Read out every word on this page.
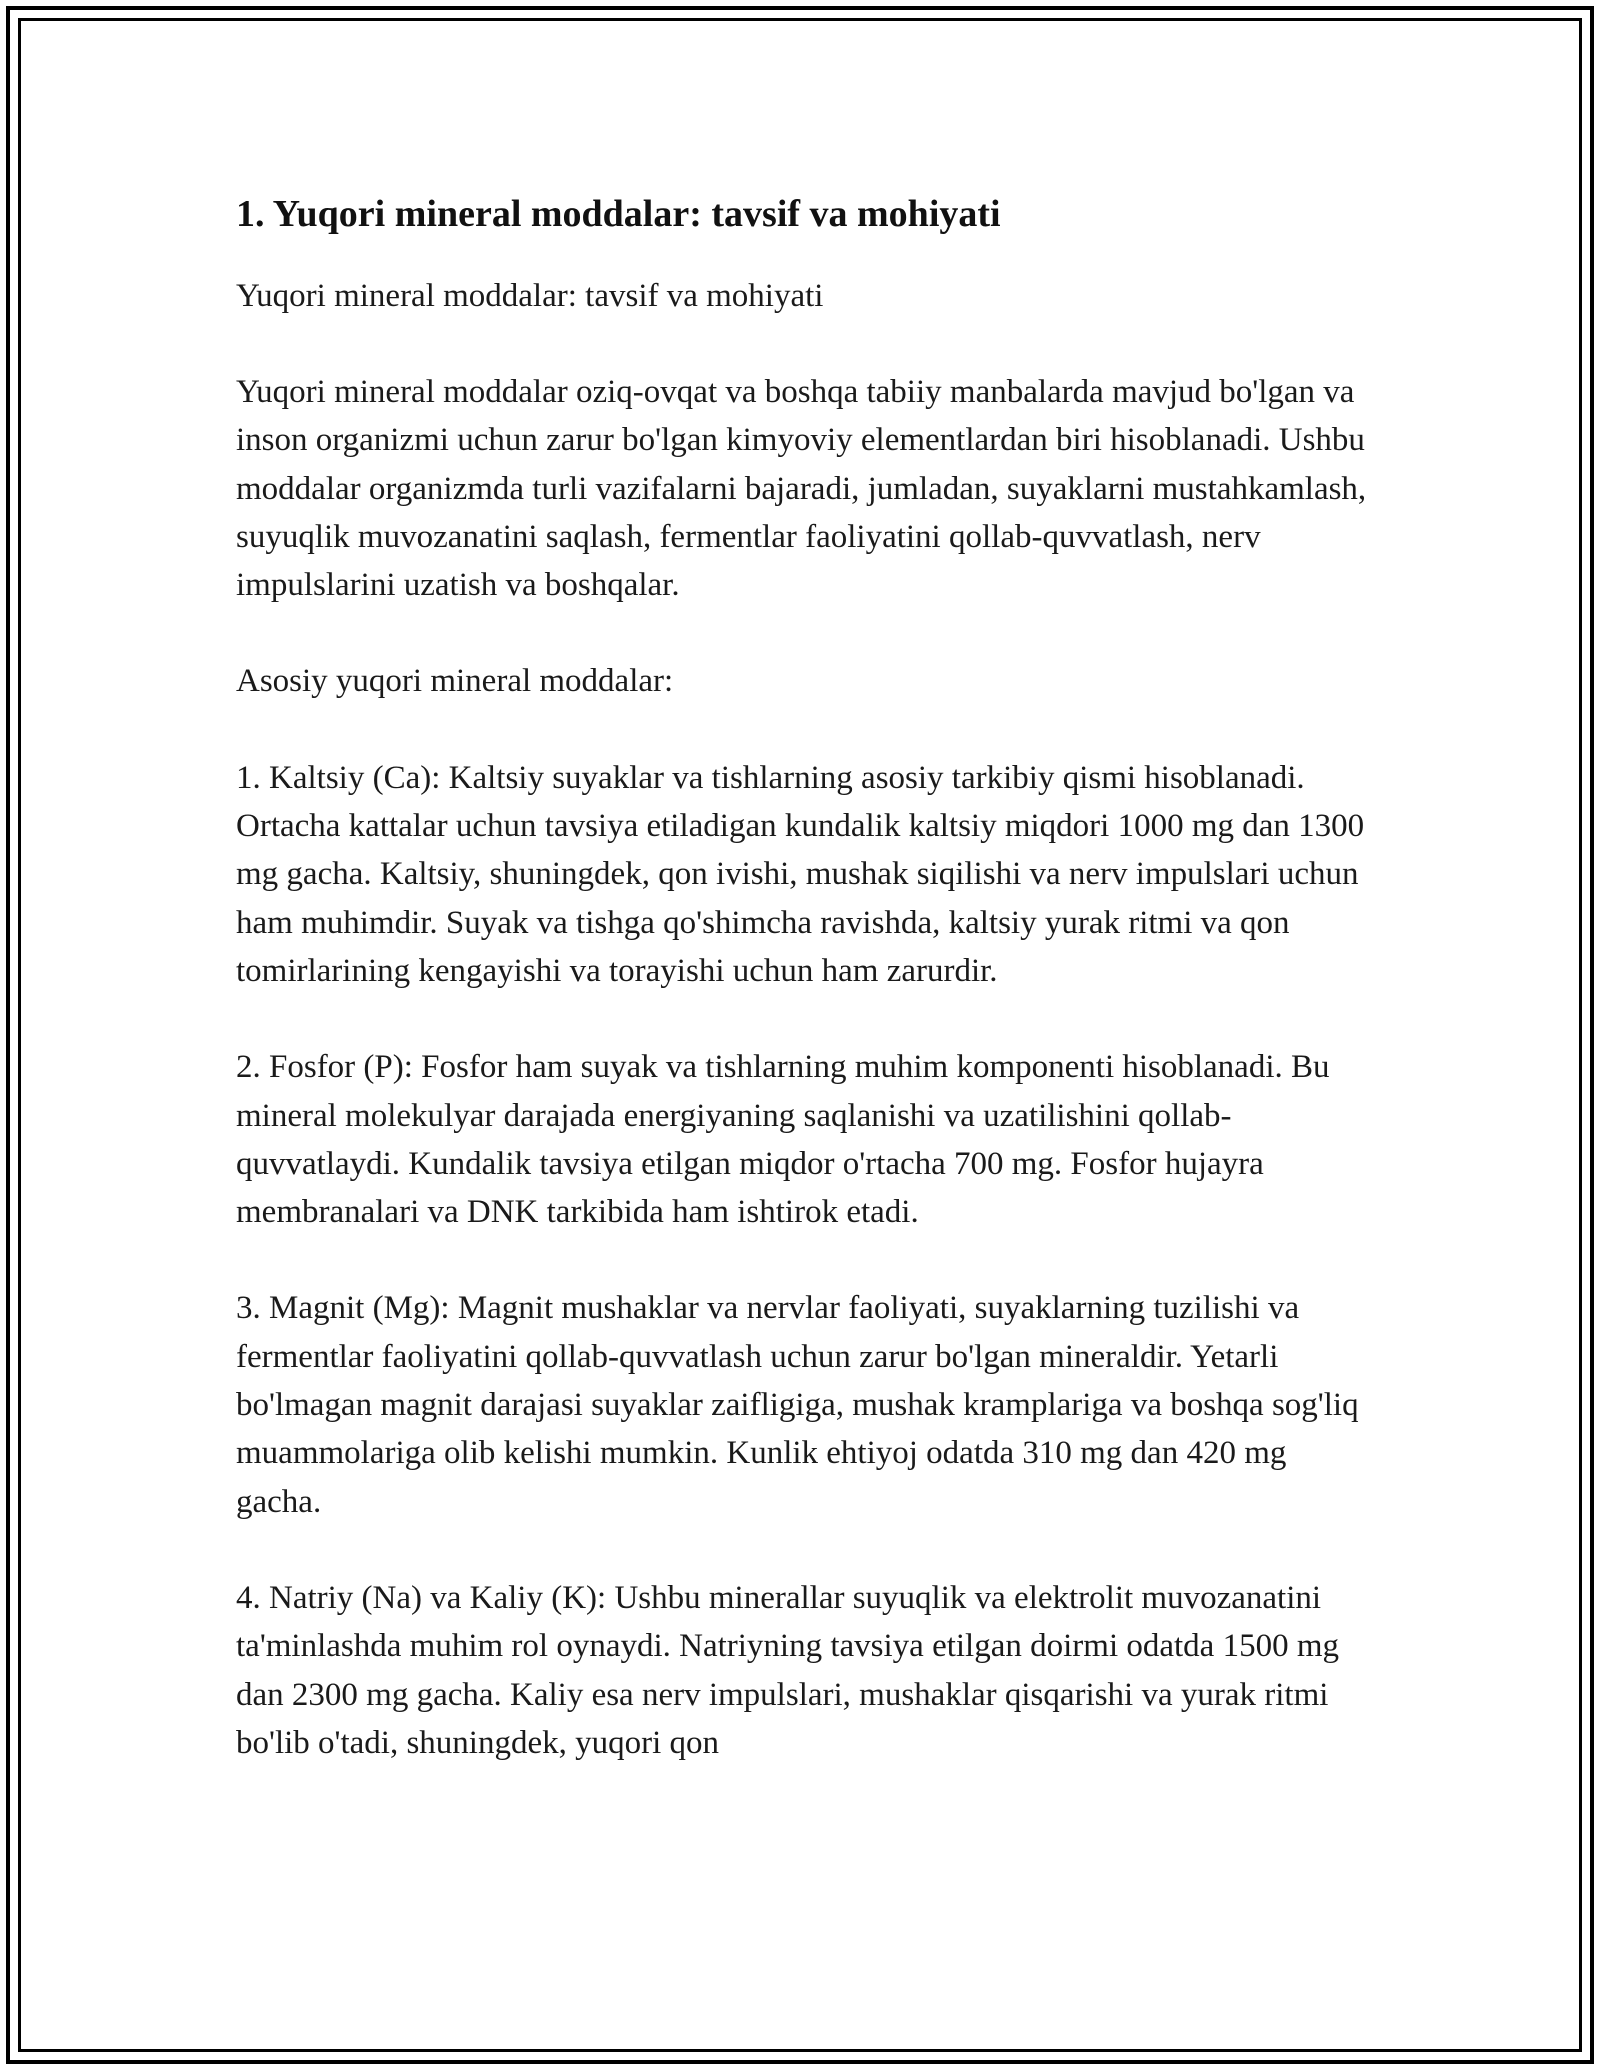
1. Yuqori mineral moddalar: tavsif va mohiyati
Yuqori mineral moddalar: tavsif va mohiyati

Yuqori mineral moddalar oziq-ovqat va boshqa tabiiy manbalarda mavjud bo'lgan va inson organizmi uchun zarur bo'lgan kimyoviy elementlardan biri hisoblanadi. Ushbu moddalar organizmda turli vazifalarni bajaradi, jumladan, suyaklarni mustahkamlash, suyuqlik muvozanatini saqlash, fermentlar faoliyatini qollab-quvvatlash, nerv impulslarini uzatish va boshqalar.

Asosiy yuqori mineral moddalar:

1. Kaltsiy (Ca): Kaltsiy suyaklar va tishlarning asosiy tarkibiy qismi hisoblanadi. Ortacha kattalar uchun tavsiya etiladigan kundalik kaltsiy miqdori 1000 mg dan 1300 mg gacha. Kaltsiy, shuningdek, qon ivishi, mushak siqilishi va nerv impulslari uchun ham muhimdir. Suyak va tishga qo'shimcha ravishda, kaltsiy yurak ritmi va qon tomirlarining kengayishi va torayishi uchun ham zarurdir.

2. Fosfor (P): Fosfor ham suyak va tishlarning muhim komponenti hisoblanadi. Bu mineral molekulyar darajada energiyaning saqlanishi va uzatilishini qollab-quvvatlaydi. Kundalik tavsiya etilgan miqdor o'rtacha 700 mg. Fosfor hujayra membranalari va DNK tarkibida ham ishtirok etadi.

3. Magnit (Mg): Magnit mushaklar va nervlar faoliyati, suyaklarning tuzilishi va fermentlar faoliyatini qollab-quvvatlash uchun zarur bo'lgan mineraldir. Yetarli bo'lmagan magnit darajasi suyaklar zaifligiga, mushak kramplariga va boshqa sog'liq muammolariga olib kelishi mumkin. Kunlik ehtiyoj odatda 310 mg dan 420 mg gacha.

4. Natriy (Na) va Kaliy (K): Ushbu minerallar suyuqlik va elektrolit muvozanatini ta'minlashda muhim rol oynaydi. Natriyning tavsiya etilgan doirmi odatda 1500 mg dan 2300 mg gacha. Kaliy esa nerv impulslari, mushaklar qisqarishi va yurak ritmi bo'lib o'tadi, shuningdek, yuqori qon
